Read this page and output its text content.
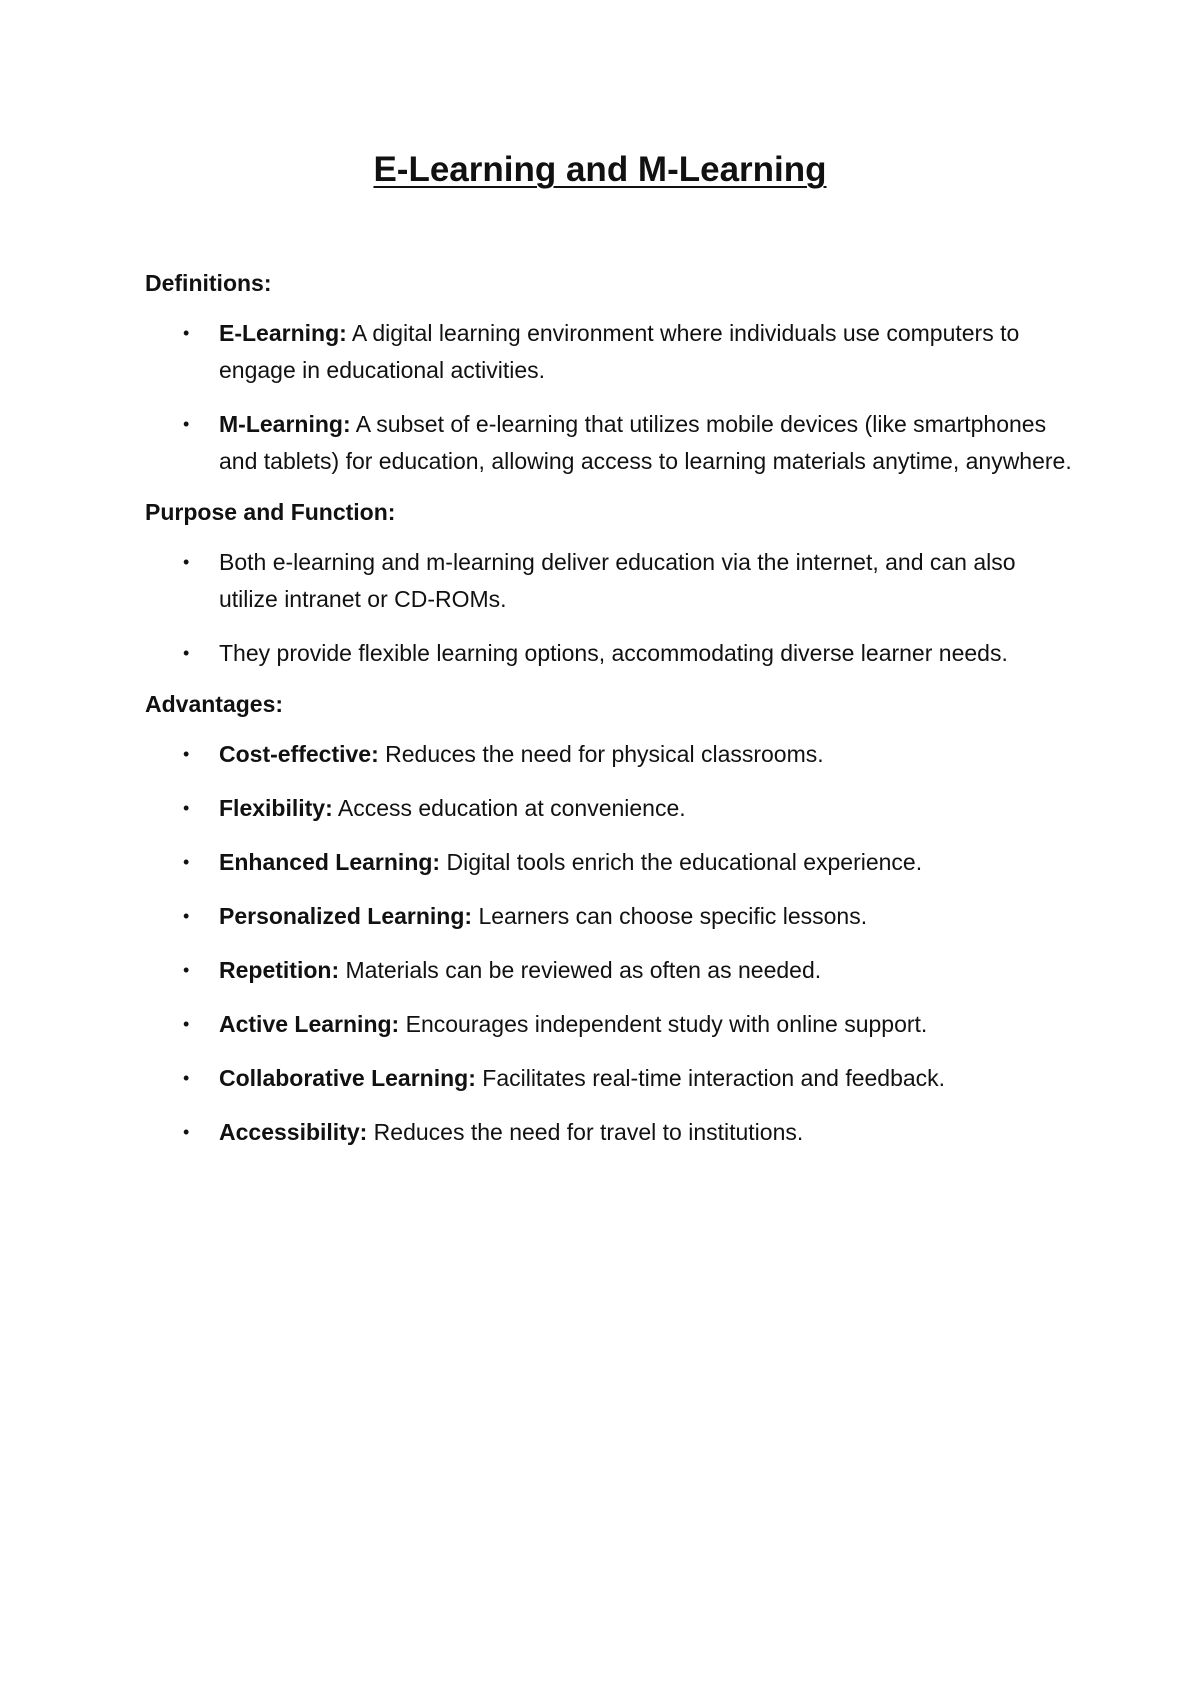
E-Learning and M-Learning
Definitions:
• E-Learning: A digital learning environment where individuals use computers to engage in educational activities.
• M-Learning: A subset of e-learning that utilizes mobile devices (like smartphones and tablets) for education, allowing access to learning materials anytime, anywhere.
Purpose and Function:
• Both e-learning and m-learning deliver education via the internet, and can also utilize intranet or CD-ROMs.
• They provide flexible learning options, accommodating diverse learner needs.
Advantages:
• Cost-effective: Reduces the need for physical classrooms.
• Flexibility: Access education at convenience.
• Enhanced Learning: Digital tools enrich the educational experience.
• Personalized Learning: Learners can choose specific lessons.
• Repetition: Materials can be reviewed as often as needed.
• Active Learning: Encourages independent study with online support.
• Collaborative Learning: Facilitates real-time interaction and feedback.
• Accessibility: Reduces the need for travel to institutions.
